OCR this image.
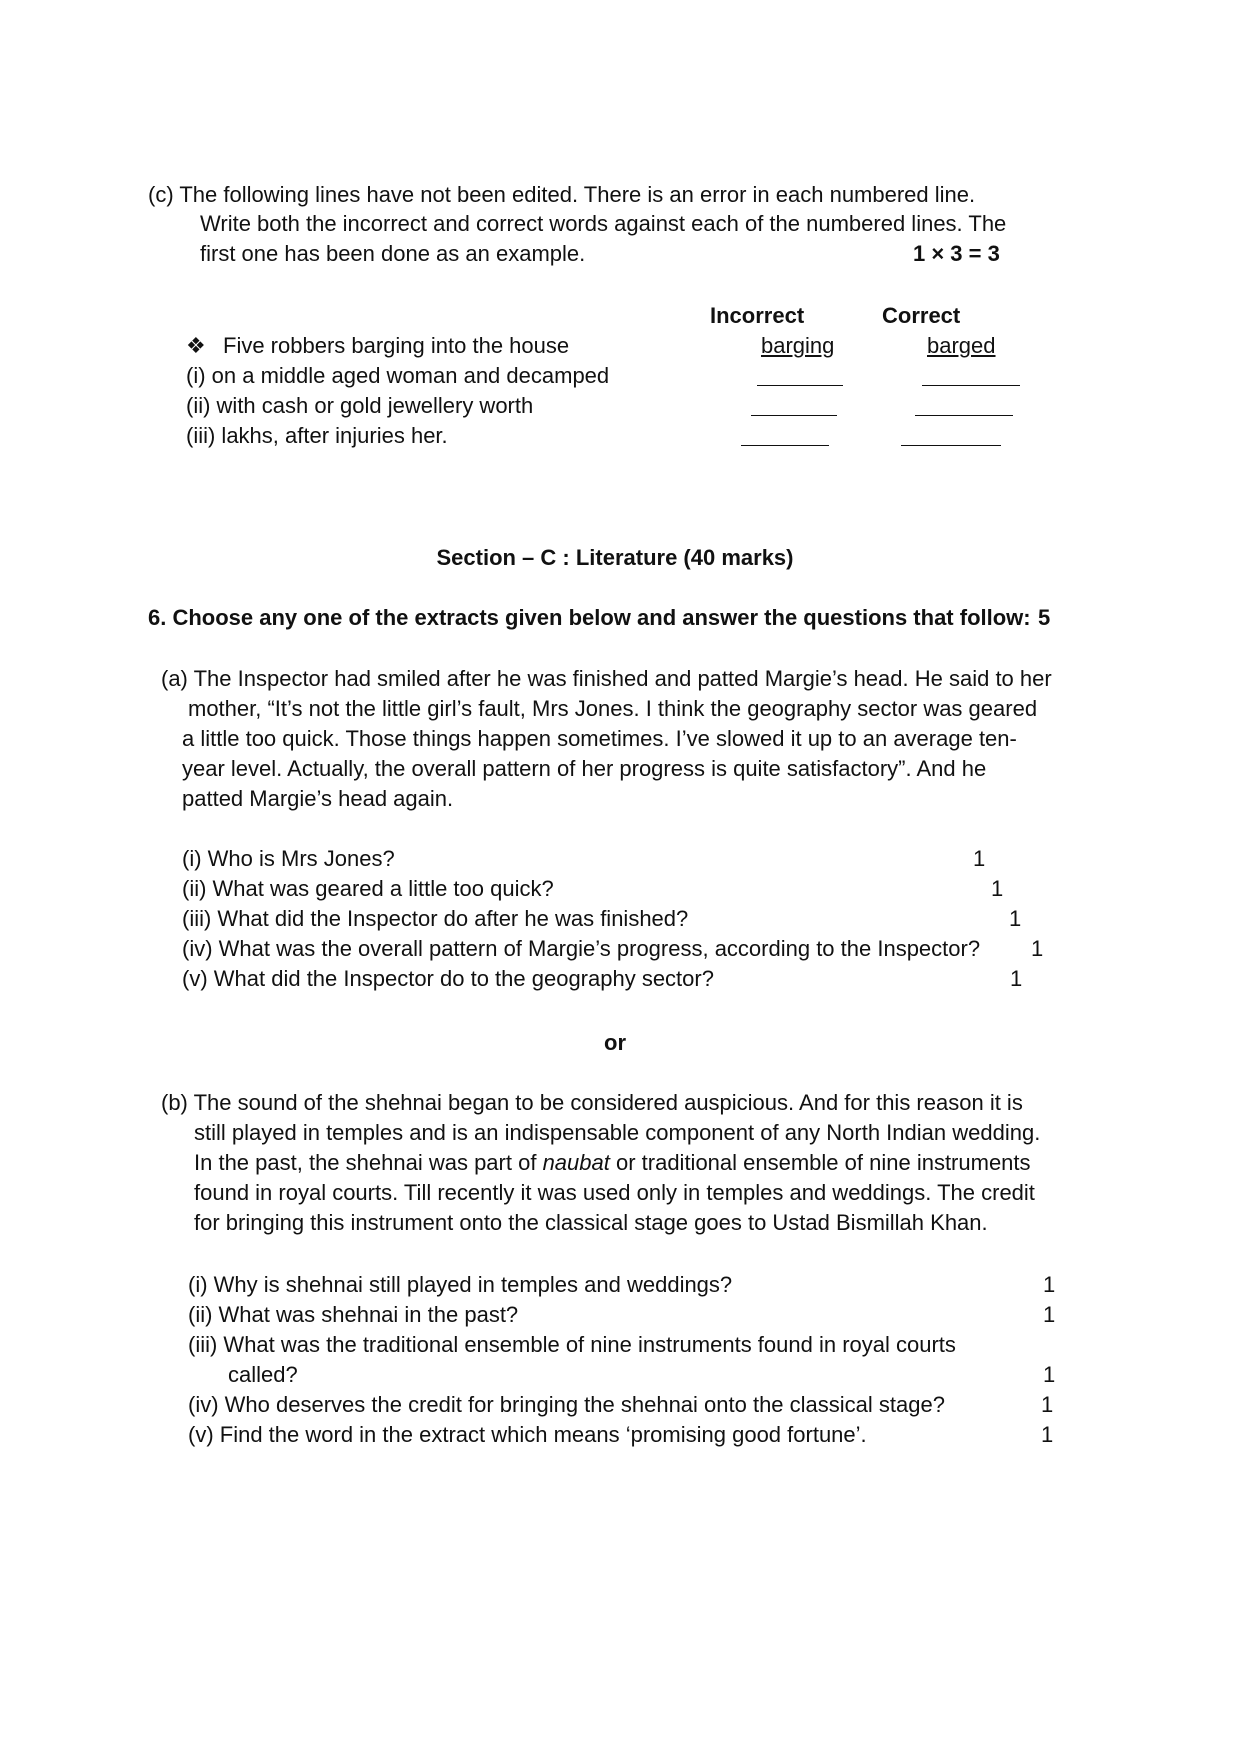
(c) The following lines have not been edited. There is an error in each numbered line.
Write both the incorrect and correct words against each of the numbered lines. The
first one has been done as an example.	1 × 3 = 3
Incorrect	Correct
❖ Five robbers barging into the house	barging	barged
(i) on a middle aged woman and decamped
(ii) with cash or gold jewellery worth
(iii) lakhs, after injuries her.
Section – C : Literature (40 marks)
6. Choose any one of the extracts given below and answer the questions that follow: 5
(a) The Inspector had smiled after he was finished and patted Margie’s head. He said to her
mother, “It’s not the little girl’s fault, Mrs Jones. I think the geography sector was geared
a little too quick. Those things happen sometimes. I’ve slowed it up to an average ten-
year level. Actually, the overall pattern of her progress is quite satisfactory”. And he
patted Margie’s head again.
(i) Who is Mrs Jones?	1
(ii) What was geared a little too quick?	1
(iii) What did the Inspector do after he was finished?	1
(iv) What was the overall pattern of Margie’s progress, according to the Inspector? 1
(v) What did the Inspector do to the geography sector?	1
or
(b) The sound of the shehnai began to be considered auspicious. And for this reason it is
still played in temples and is an indispensable component of any North Indian wedding.
In the past, the shehnai was part of naubat or traditional ensemble of nine instruments
found in royal courts. Till recently it was used only in temples and weddings. The credit
for bringing this instrument onto the classical stage goes to Ustad Bismillah Khan.
(i) Why is shehnai still played in temples and weddings?	1
(ii) What was shehnai in the past?	1
(iii) What was the traditional ensemble of nine instruments found in royal courts
called?	1
(iv) Who deserves the credit for bringing the shehnai onto the classical stage?	1
(v) Find the word in the extract which means ‘promising good fortune’.	1
